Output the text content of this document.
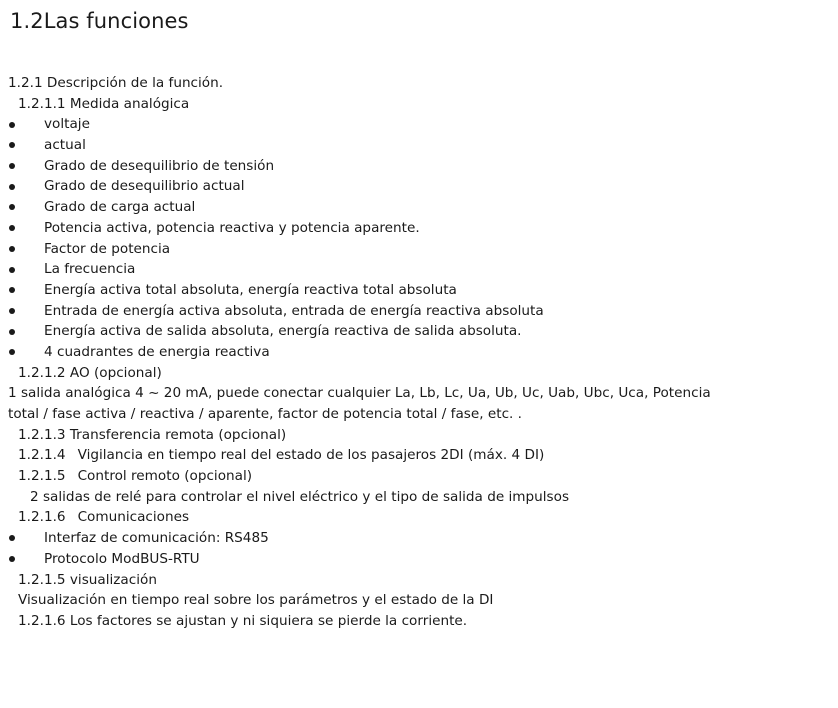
1.2Las funciones
1.2.1 Descripción de la función.
1.2.1.1 Medida analógica
voltaje
actual
Grado de desequilibrio de tensión
Grado de desequilibrio actual
Grado de carga actual
Potencia activa, potencia reactiva y potencia aparente.
Factor de potencia
La frecuencia
Energía activa total absoluta, energía reactiva total absoluta
Entrada de energía activa absoluta, entrada de energía reactiva absoluta
Energía activa de salida absoluta, energía reactiva de salida absoluta.
4 cuadrantes de energia reactiva
1.2.1.2 AO (opcional)
1 salida analógica 4 ~ 20 mA, puede conectar cualquier La, Lb, Lc, Ua, Ub, Uc, Uab, Ubc, Uca, Potencia
total / fase activa / reactiva / aparente, factor de potencia total / fase, etc. .
1.2.1.3 Transferencia remota (opcional)
1.2.1.4 Vigilancia en tiempo real del estado de los pasajeros 2DI (máx. 4 DI)
1.2.1.5 Control remoto (opcional)
2 salidas de relé para controlar el nivel eléctrico y el tipo de salida de impulsos
1.2.1.6 Comunicaciones
Interfaz de comunicación: RS485
Protocolo ModBUS-RTU
1.2.1.5 visualización
Visualización en tiempo real sobre los parámetros y el estado de la DI
1.2.1.6 Los factores se ajustan y ni siquiera se pierde la corriente.
